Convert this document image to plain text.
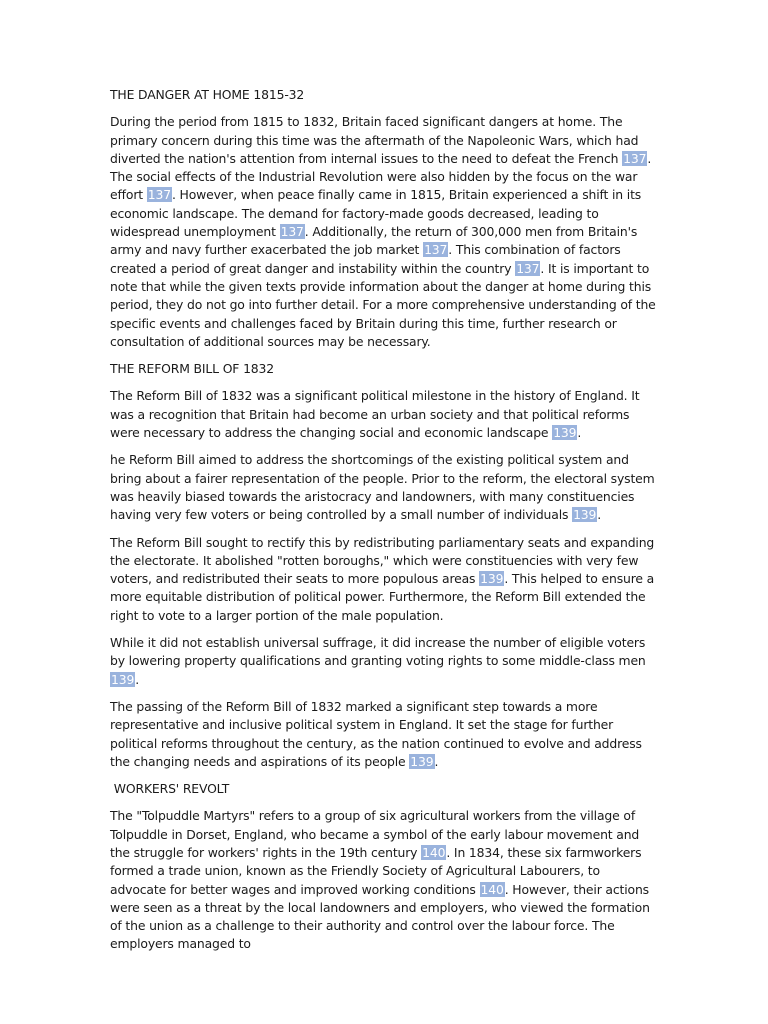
THE DANGER AT HOME 1815-32

During the period from 1815 to 1832, Britain faced significant dangers at home. The primary concern during this time was the aftermath of the Napoleonic Wars, which had diverted the nation's attention from internal issues to the need to defeat the French 137. The social effects of the Industrial Revolution were also hidden by the focus on the war effort 137. However, when peace finally came in 1815, Britain experienced a shift in its economic landscape. The demand for factory-made goods decreased, leading to widespread unemployment 137. Additionally, the return of 300,000 men from Britain's army and navy further exacerbated the job market 137. This combination of factors created a period of great danger and instability within the country 137. It is important to note that while the given texts provide information about the danger at home during this period, they do not go into further detail. For a more comprehensive understanding of the specific events and challenges faced by Britain during this time, further research or consultation of additional sources may be necessary.

THE REFORM BILL OF 1832

The Reform Bill of 1832 was a significant political milestone in the history of England. It was a recognition that Britain had become an urban society and that political reforms were necessary to address the changing social and economic landscape 139.

he Reform Bill aimed to address the shortcomings of the existing political system and bring about a fairer representation of the people. Prior to the reform, the electoral system was heavily biased towards the aristocracy and landowners, with many constituencies having very few voters or being controlled by a small number of individuals 139.

The Reform Bill sought to rectify this by redistributing parliamentary seats and expanding the electorate. It abolished "rotten boroughs," which were constituencies with very few voters, and redistributed their seats to more populous areas 139. This helped to ensure a more equitable distribution of political power. Furthermore, the Reform Bill extended the right to vote to a larger portion of the male population.

While it did not establish universal suffrage, it did increase the number of eligible voters by lowering property qualifications and granting voting rights to some middle-class men 139.

The passing of the Reform Bill of 1832 marked a significant step towards a more representative and inclusive political system in England. It set the stage for further political reforms throughout the century, as the nation continued to evolve and address the changing needs and aspirations of its people 139.

WORKERS' REVOLT

The "Tolpuddle Martyrs" refers to a group of six agricultural workers from the village of Tolpuddle in Dorset, England, who became a symbol of the early labour movement and the struggle for workers' rights in the 19th century 140. In 1834, these six farmworkers formed a trade union, known as the Friendly Society of Agricultural Labourers, to advocate for better wages and improved working conditions 140. However, their actions were seen as a threat by the local landowners and employers, who viewed the formation of the union as a challenge to their authority and control over the labour force. The employers managed to
